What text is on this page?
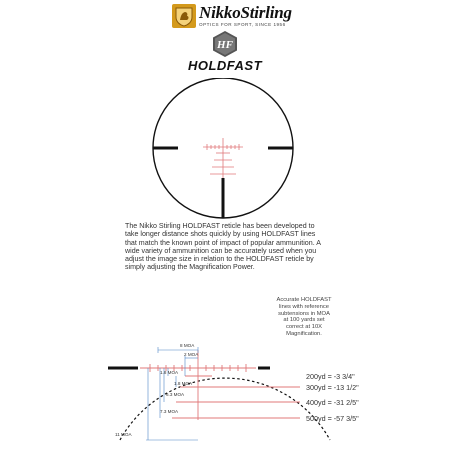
NikkoStirling
OPTICS FOR SPORT, SINCE 1956
HF
HOLDFAST

The Nikko Stirling HOLDFAST reticle has been developed to take longer distance shots quickly by using HOLDFAST lines that match the known point of impact of popular ammunition. A wide variety of ammunition can be accurately used when you adjust the image size in relation to the HOLDFAST reticle by simply adjusting the Magnification Power.

Accurate HOLDFAST
lines with reference
subtensions in MOA
at 100 yards set
correct at 10X
Magnification.

8 MOA
2 MOA
1.8 MOA
1.8 MOA
6.3 MOA
7.3 MOA
11 MOA
200yd = -3 3/4"
300yd = -13 1/2"
400yd = -31 2/5"
500yd = -57 3/5"
